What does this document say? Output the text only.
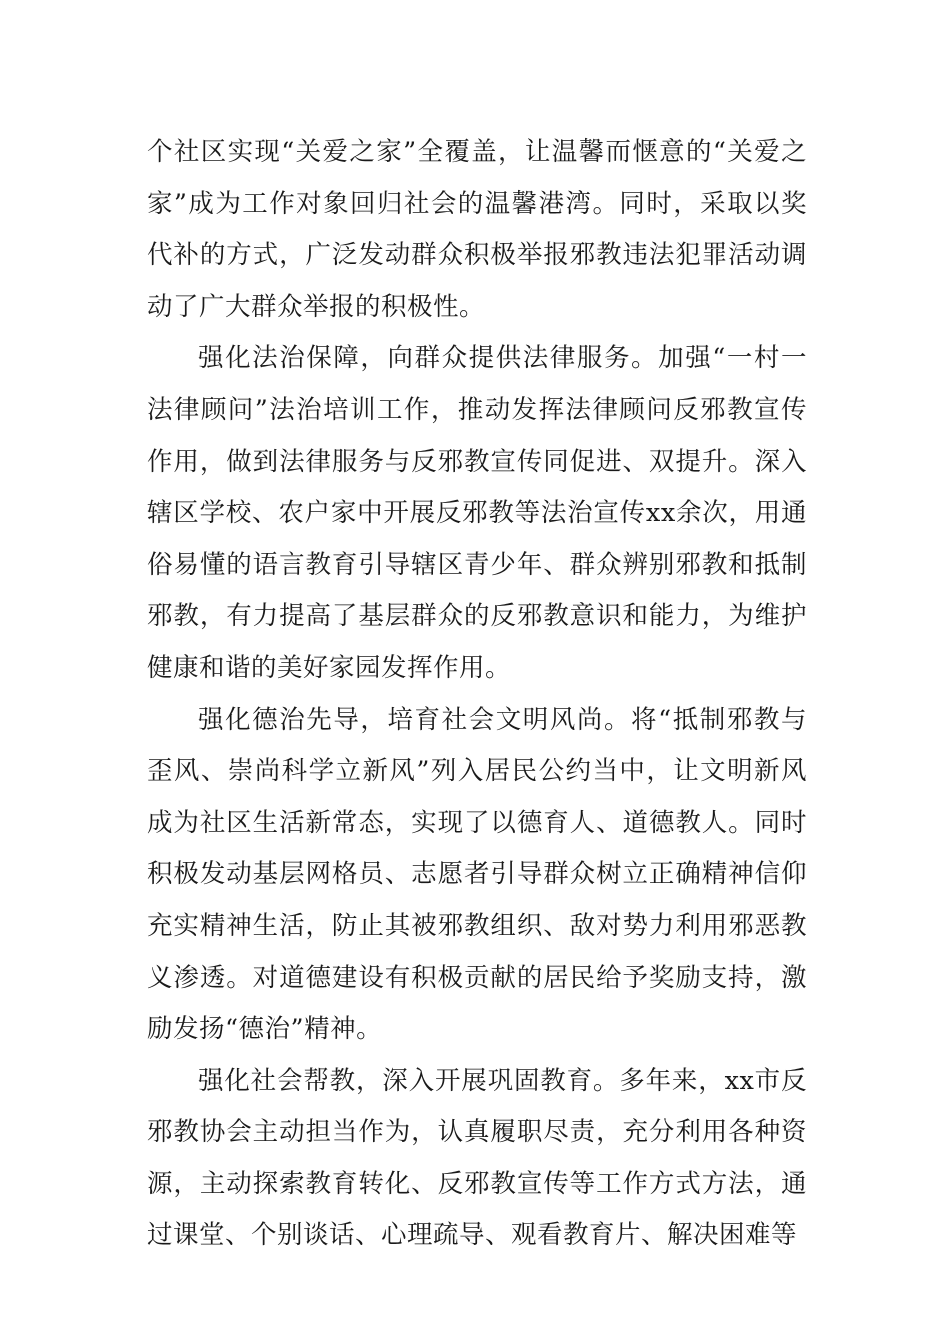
个社区实现“关爱之家”全覆盖，让温馨而惬意的“关爱之家”成为工作对象回归社会的温馨港湾。同时，采取以奖代补的方式，广泛发动群众积极举报邪教违法犯罪活动调动了广大群众举报的积极性。

强化法治保障，向群众提供法律服务。加强“一村一法律顾问”法治培训工作，推动发挥法律顾问反邪教宣传作用，做到法律服务与反邪教宣传同促进、双提升。深入辖区学校、农户家中开展反邪教等法治宣传xx余次，用通俗易懂的语言教育引导辖区青少年、群众辨别邪教和抵制邪教，有力提高了基层群众的反邪教意识和能力，为维护健康和谐的美好家园发挥作用。

强化德治先导，培育社会文明风尚。将“抵制邪教与歪风、崇尚科学立新风”列入居民公约当中，让文明新风成为社区生活新常态，实现了以德育人、道德教人。同时积极发动基层网格员、志愿者引导群众树立正确精神信仰充实精神生活，防止其被邪教组织、敌对势力利用邪恶教义渗透。对道德建设有积极贡献的居民给予奖励支持，激励发扬“德治”精神。

强化社会帮教，深入开展巩固教育。多年来，xx市反邪教协会主动担当作为，认真履职尽责，充分利用各种资源，主动探索教育转化、反邪教宣传等工作方式方法，通过课堂、个别谈话、心理疏导、观看教育片、解决困难等
